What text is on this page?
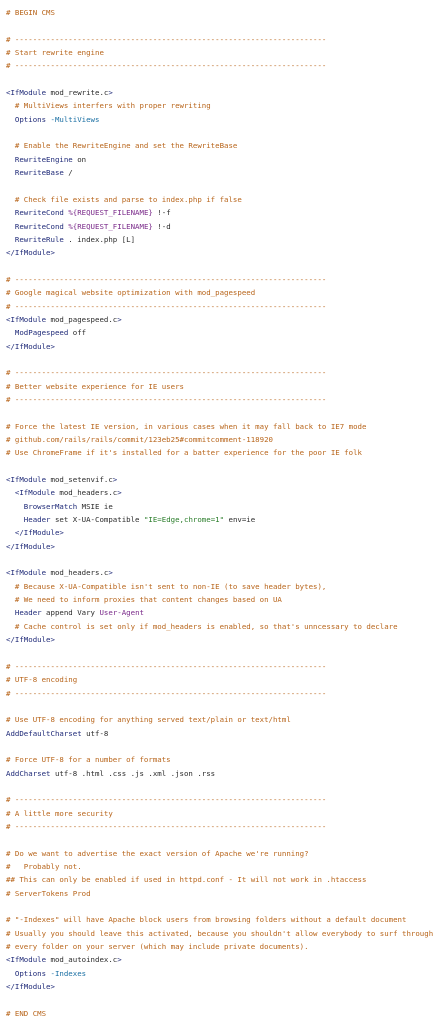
# BEGIN CMS
# ----------------------------------------------------------------------
# Start rewrite engine
# ----------------------------------------------------------------------
<IfModule mod_rewrite.c>
# MultiViews interfers with proper rewriting
Options -MultiViews
# Enable the RewriteEngine and set the RewriteBase
RewriteEngine on
RewriteBase /
# Check file exists and parse to index.php if false
RewriteCond %{REQUEST_FILENAME} !-f
RewriteCond %{REQUEST_FILENAME} !-d
RewriteRule . index.php [L]
</IfModule>
# ----------------------------------------------------------------------
# Google magical website optimization with mod_pagespeed
# ----------------------------------------------------------------------
<IfModule mod_pagespeed.c>
ModPagespeed off
</IfModule>
# ----------------------------------------------------------------------
# Better website experience for IE users
# ----------------------------------------------------------------------
# Force the latest IE version, in various cases when it may fall back to IE7 mode
# github.com/rails/rails/commit/123eb25#commitcomment-118920
# Use ChromeFrame if it's installed for a batter experience for the poor IE folk
<IfModule mod_setenvif.c>
<IfModule mod_headers.c>
BrowserMatch MSIE ie
Header set X-UA-Compatible "IE=Edge,chrome=1" env=ie
</IfModule>
</IfModule>
<IfModule mod_headers.c>
# Because X-UA-Compatible isn't sent to non-IE (to save header bytes),
# We need to inform proxies that content changes based on UA
Header append Vary User-Agent
# Cache control is set only if mod_headers is enabled, so that's unncessary to declare
</IfModule>
# ----------------------------------------------------------------------
# UTF-8 encoding
# ----------------------------------------------------------------------
# Use UTF-8 encoding for anything served text/plain or text/html
AddDefaultCharset utf-8
# Force UTF-8 for a number of formats
AddCharset utf-8 .html .css .js .xml .json .rss
# ----------------------------------------------------------------------
# A little more security
# ----------------------------------------------------------------------
# Do we want to advertise the exact version of Apache we're running?
#   Probably not.
## This can only be enabled if used in httpd.conf - It will not work in .htaccess
# ServerTokens Prod
# "-Indexes" will have Apache block users from browsing folders without a default document
# Usually you should leave this activated, because you shouldn't allow everybody to surf through
# every folder on your server (which may include private documents).
<IfModule mod_autoindex.c>
Options -Indexes
</IfModule>
# END CMS
